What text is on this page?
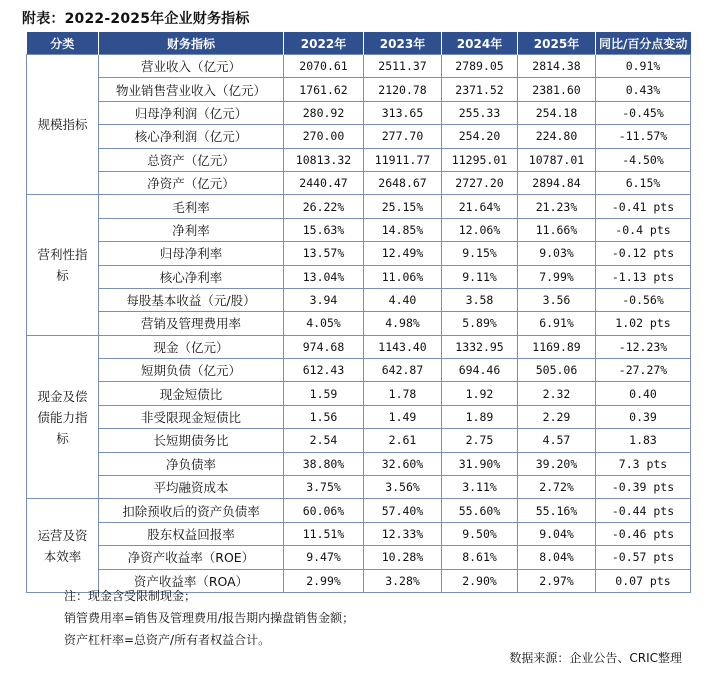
附表：2022-2025年企业财务指标
分类	财务指标	2022年	2023年	2024年	2025年	同比/百分点变动
规模指标	营业收入（亿元）	2070.61	2511.37	2789.05	2814.38	0.91%
	物业销售营业收入（亿元）	1761.62	2120.78	2371.52	2381.60	0.43%
	归母净利润（亿元）	280.92	313.65	255.33	254.18	-0.45%
	核心净利润（亿元）	270.00	277.70	254.20	224.80	-11.57%
	总资产（亿元）	10813.32	11911.77	11295.01	10787.01	-4.50%
	净资产（亿元）	2440.47	2648.67	2727.20	2894.84	6.15%
营利性指标	毛利率	26.22%	25.15%	21.64%	21.23%	-0.41 pts
	净利率	15.63%	14.85%	12.06%	11.66%	-0.4 pts
	归母净利率	13.57%	12.49%	9.15%	9.03%	-0.12 pts
	核心净利率	13.04%	11.06%	9.11%	7.99%	-1.13 pts
	每股基本收益（元/股）	3.94	4.40	3.58	3.56	-0.56%
	营销及管理费用率	4.05%	4.98%	5.89%	6.91%	1.02 pts
现金及偿债能力指标	现金（亿元）	974.68	1143.40	1332.95	1169.89	-12.23%
	短期负债（亿元）	612.43	642.87	694.46	505.06	-27.27%
	现金短债比	1.59	1.78	1.92	2.32	0.40
	非受限现金短债比	1.56	1.49	1.89	2.29	0.39
	长短期债务比	2.54	2.61	2.75	4.57	1.83
	净负债率	38.80%	32.60%	31.90%	39.20%	7.3 pts
	平均融资成本	3.75%	3.56%	3.11%	2.72%	-0.39 pts
运营及资本效率	扣除预收后的资产负债率	60.06%	57.40%	55.60%	55.16%	-0.44 pts
	股东权益回报率	11.51%	12.33%	9.50%	9.04%	-0.46 pts
	净资产收益率（ROE）	9.47%	10.28%	8.61%	8.04%	-0.57 pts
	资产收益率（ROA）	2.99%	3.28%	2.90%	2.97%	0.07 pts
注：现金含受限制现金；
销管费用率=销售及管理费用/报告期内操盘销售金额；
资产杠杆率=总资产/所有者权益合计。
数据来源：企业公告、CRIC整理
